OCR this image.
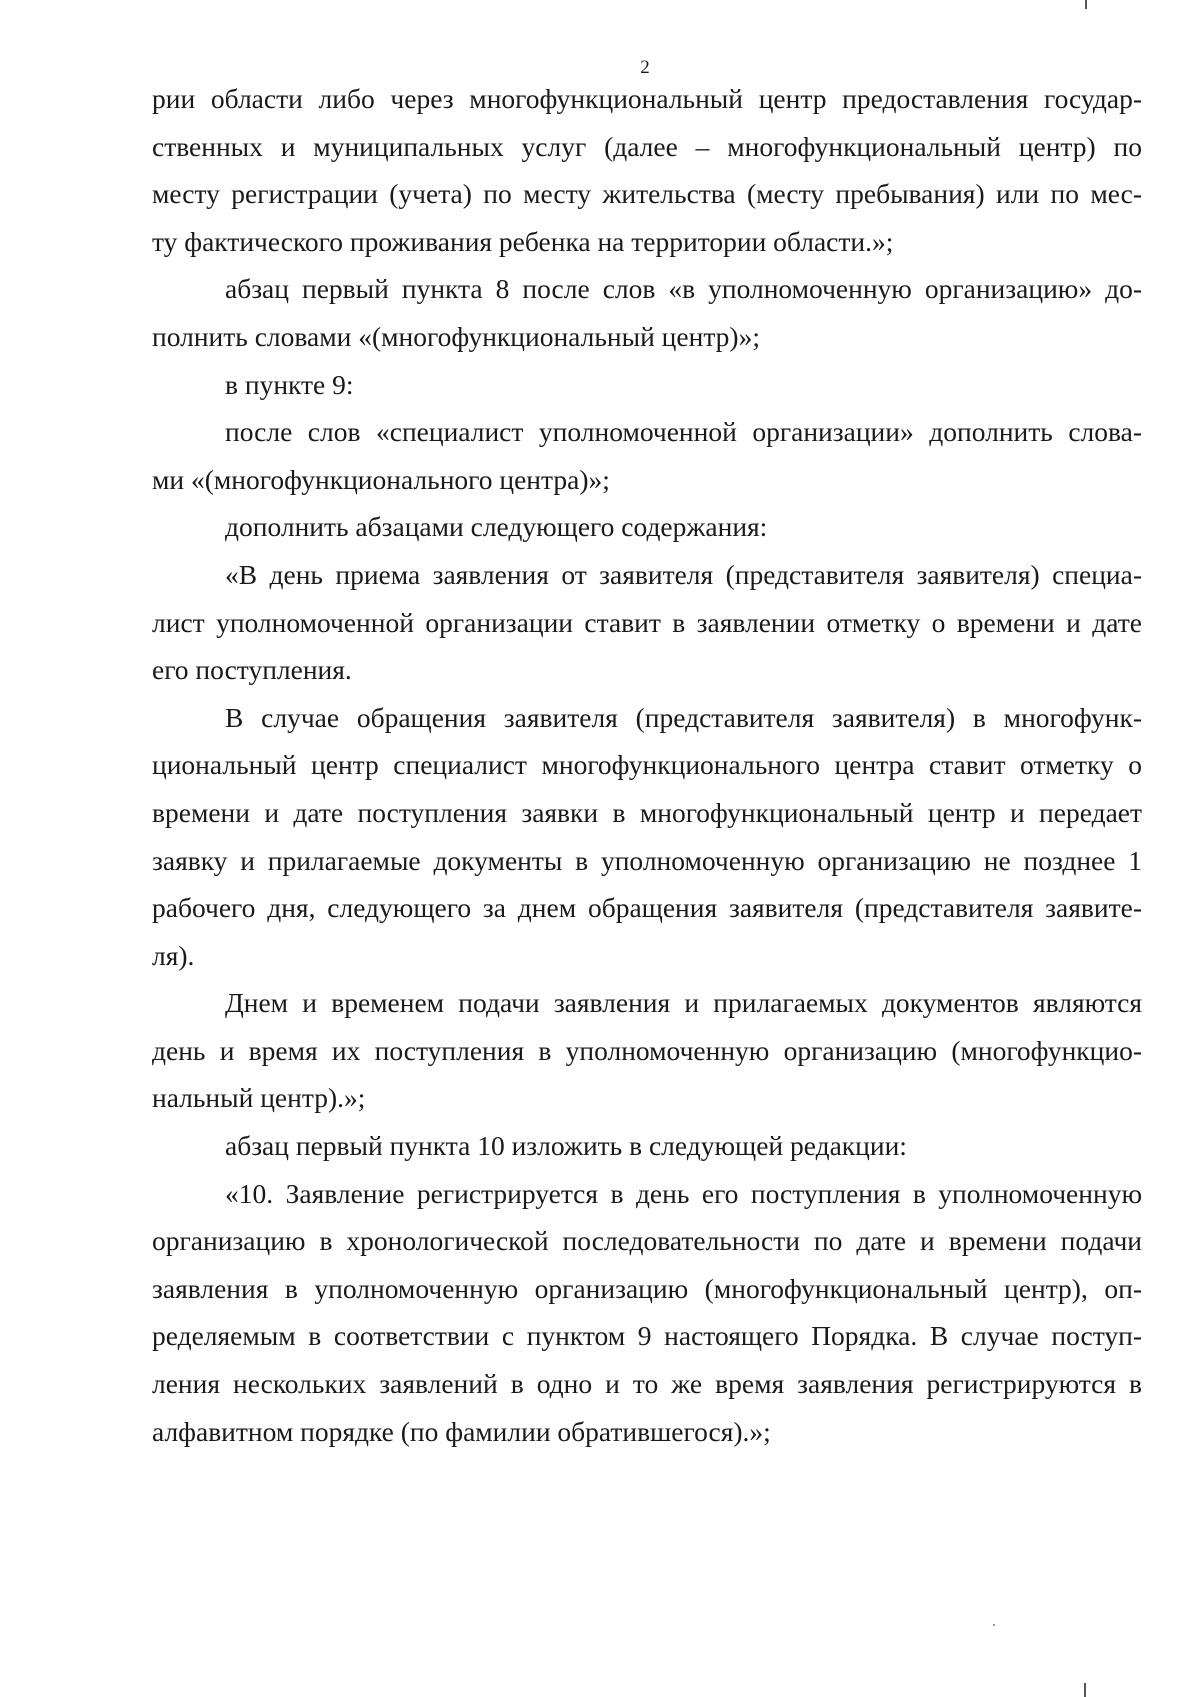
2
рии области либо через многофункциональный центр предоставления государ-
ственных и муниципальных услуг (далее – многофункциональный центр) по
месту регистрации (учета) по месту жительства (месту пребывания) или по мес-
ту фактического проживания ребенка на территории области.»;
абзац первый пункта 8 после слов «в уполномоченную организацию» до-
полнить словами «(многофункциональный центр)»;
в пункте 9:
после слов «специалист уполномоченной организации» дополнить слова-
ми «(многофункционального центра)»;
дополнить абзацами следующего содержания:
«В день приема заявления от заявителя (представителя заявителя) специа-
лист уполномоченной организации ставит в заявлении отметку о времени и дате
его поступления.
В случае обращения заявителя (представителя заявителя) в многофунк-
циональный центр специалист многофункционального центра ставит отметку о
времени и дате поступления заявки в многофункциональный центр и передает
заявку и прилагаемые документы в уполномоченную организацию не позднее 1
рабочего дня, следующего за днем обращения заявителя (представителя заявите-
ля).
Днем и временем подачи заявления и прилагаемых документов являются
день и время их поступления в уполномоченную организацию (многофункцио-
нальный центр).»;
абзац первый пункта 10 изложить в следующей редакции:
«10. Заявление регистрируется в день его поступления в уполномоченную
организацию в хронологической последовательности по дате и времени подачи
заявления в уполномоченную организацию (многофункциональный центр), оп-
ределяемым в соответствии с пунктом 9 настоящего Порядка. В случае поступ-
ления нескольких заявлений в одно и то же время заявления регистрируются в
алфавитном порядке (по фамилии обратившегося).»;
